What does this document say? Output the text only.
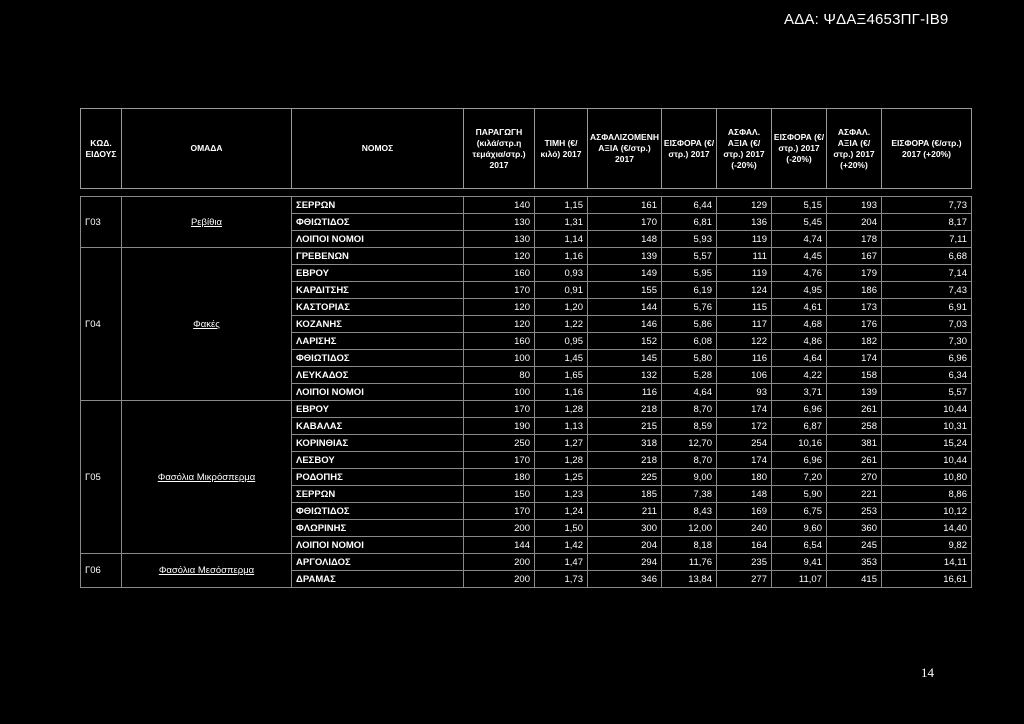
ΑΔΑ: ΨΔΑΞ4653ΠΓ-ΙΒ9
ΚΩΔ. ΕΙΔΟΥΣ	ΟΜΑΔΑ	ΝΟΜΟΣ	ΠΑΡΑΓΩΓΗ (κιλά/στρ.η τεμάχια/στρ.) 2017	ΤΙΜΗ (€/κιλό) 2017	ΑΣΦΑΛΙΖΟΜΕΝΗ ΑΞΙΑ (€/στρ.) 2017	ΕΙΣΦΟΡΑ (€/στρ.) 2017	ΑΣΦΑΛ. ΑΞΙΑ (€/στρ.) 2017 (-20%)	ΕΙΣΦΟΡΑ (€/στρ.) 2017 (-20%)	ΑΣΦΑΛ. ΑΞΙΑ (€/στρ.) 2017 (+20%)	ΕΙΣΦΟΡΑ (€/στρ.) 2017 (+20%)

Γ03	Ρεβίθια	ΣΕΡΡΩΝ	140	1,15	161	6,44	129	5,15	193	7,73
		ΦΘΙΩΤΙΔΟΣ	130	1,31	170	6,81	136	5,45	204	8,17
		ΛΟΙΠΟΙ ΝΟΜΟΙ	130	1,14	148	5,93	119	4,74	178	7,11
Γ04	Φακές	ΓΡΕΒΕΝΩΝ	120	1,16	139	5,57	111	4,45	167	6,68
		ΕΒΡΟΥ	160	0,93	149	5,95	119	4,76	179	7,14
		ΚΑΡΔΙΤΣΗΣ	170	0,91	155	6,19	124	4,95	186	7,43
		ΚΑΣΤΟΡΙΑΣ	120	1,20	144	5,76	115	4,61	173	6,91
		ΚΟΖΑΝΗΣ	120	1,22	146	5,86	117	4,68	176	7,03
		ΛΑΡΙΣΗΣ	160	0,95	152	6,08	122	4,86	182	7,30
		ΦΘΙΩΤΙΔΟΣ	100	1,45	145	5,80	116	4,64	174	6,96
		ΛΕΥΚΑΔΟΣ	80	1,65	132	5,28	106	4,22	158	6,34
		ΛΟΙΠΟΙ ΝΟΜΟΙ	100	1,16	116	4,64	93	3,71	139	5,57
Γ05	Φασόλια Μικρόσπερμα	ΕΒΡΟΥ	170	1,28	218	8,70	174	6,96	261	10,44
		ΚΑΒΑΛΑΣ	190	1,13	215	8,59	172	6,87	258	10,31
		ΚΟΡΙΝΘΙΑΣ	250	1,27	318	12,70	254	10,16	381	15,24
		ΛΕΣΒΟΥ	170	1,28	218	8,70	174	6,96	261	10,44
		ΡΟΔΟΠΗΣ	180	1,25	225	9,00	180	7,20	270	10,80
		ΣΕΡΡΩΝ	150	1,23	185	7,38	148	5,90	221	8,86
		ΦΘΙΩΤΙΔΟΣ	170	1,24	211	8,43	169	6,75	253	10,12
		ΦΛΩΡΙΝΗΣ	200	1,50	300	12,00	240	9,60	360	14,40
		ΛΟΙΠΟΙ ΝΟΜΟΙ	144	1,42	204	8,18	164	6,54	245	9,82
Γ06	Φασόλια Μεσόσπερμα	ΑΡΓΟΛΙΔΟΣ	200	1,47	294	11,76	235	9,41	353	14,11
		ΔΡΑΜΑΣ	200	1,73	346	13,84	277	11,07	415	16,61
14
